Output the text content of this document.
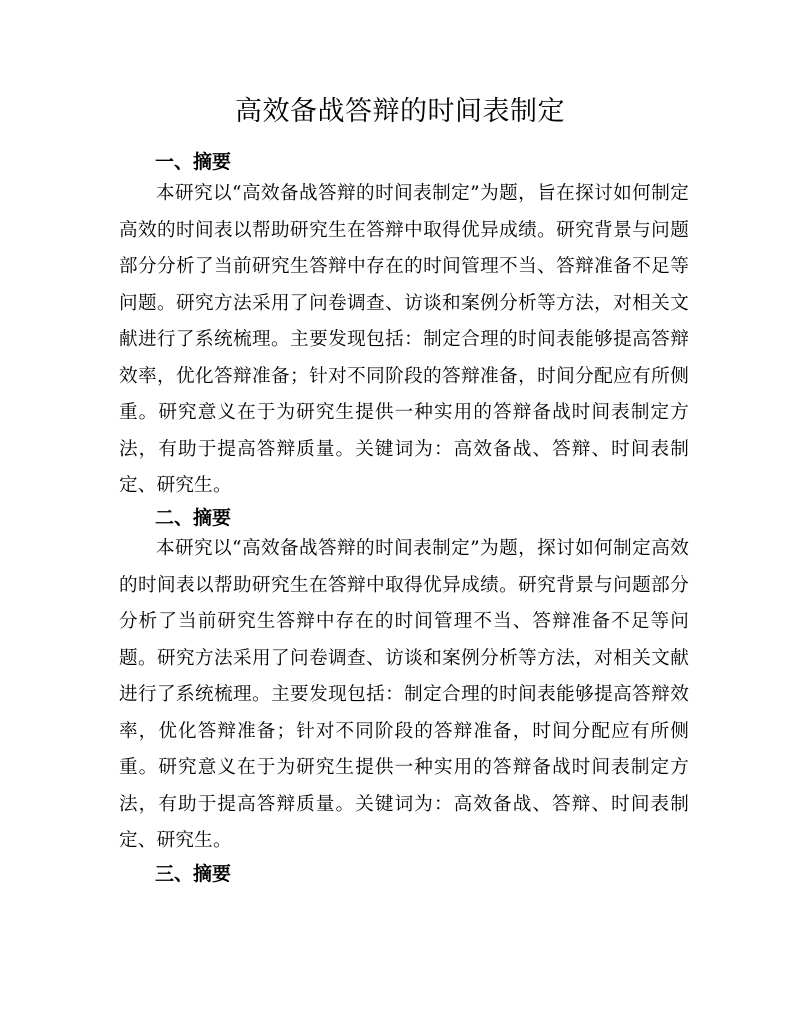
高效备战答辩的时间表制定
一、摘要

本研究以“高效备战答辩的时间表制定”为题，旨在探讨如何制定高效的时间表以帮助研究生在答辩中取得优异成绩。研究背景与问题部分分析了当前研究生答辩中存在的时间管理不当、答辩准备不足等问题。研究方法采用了问卷调查、访谈和案例分析等方法，对相关文献进行了系统梳理。主要发现包括：制定合理的时间表能够提高答辩效率，优化答辩准备；针对不同阶段的答辩准备，时间分配应有所侧重。研究意义在于为研究生提供一种实用的答辩备战时间表制定方法，有助于提高答辩质量。关键词为：高效备战、答辩、时间表制定、研究生。

二、摘要

本研究以“高效备战答辩的时间表制定”为题，探讨如何制定高效的时间表以帮助研究生在答辩中取得优异成绩。研究背景与问题部分分析了当前研究生答辩中存在的时间管理不当、答辩准备不足等问题。研究方法采用了问卷调查、访谈和案例分析等方法，对相关文献进行了系统梳理。主要发现包括：制定合理的时间表能够提高答辩效率，优化答辩准备；针对不同阶段的答辩准备，时间分配应有所侧重。研究意义在于为研究生提供一种实用的答辩备战时间表制定方法，有助于提高答辩质量。关键词为：高效备战、答辩、时间表制定、研究生。

三、摘要
